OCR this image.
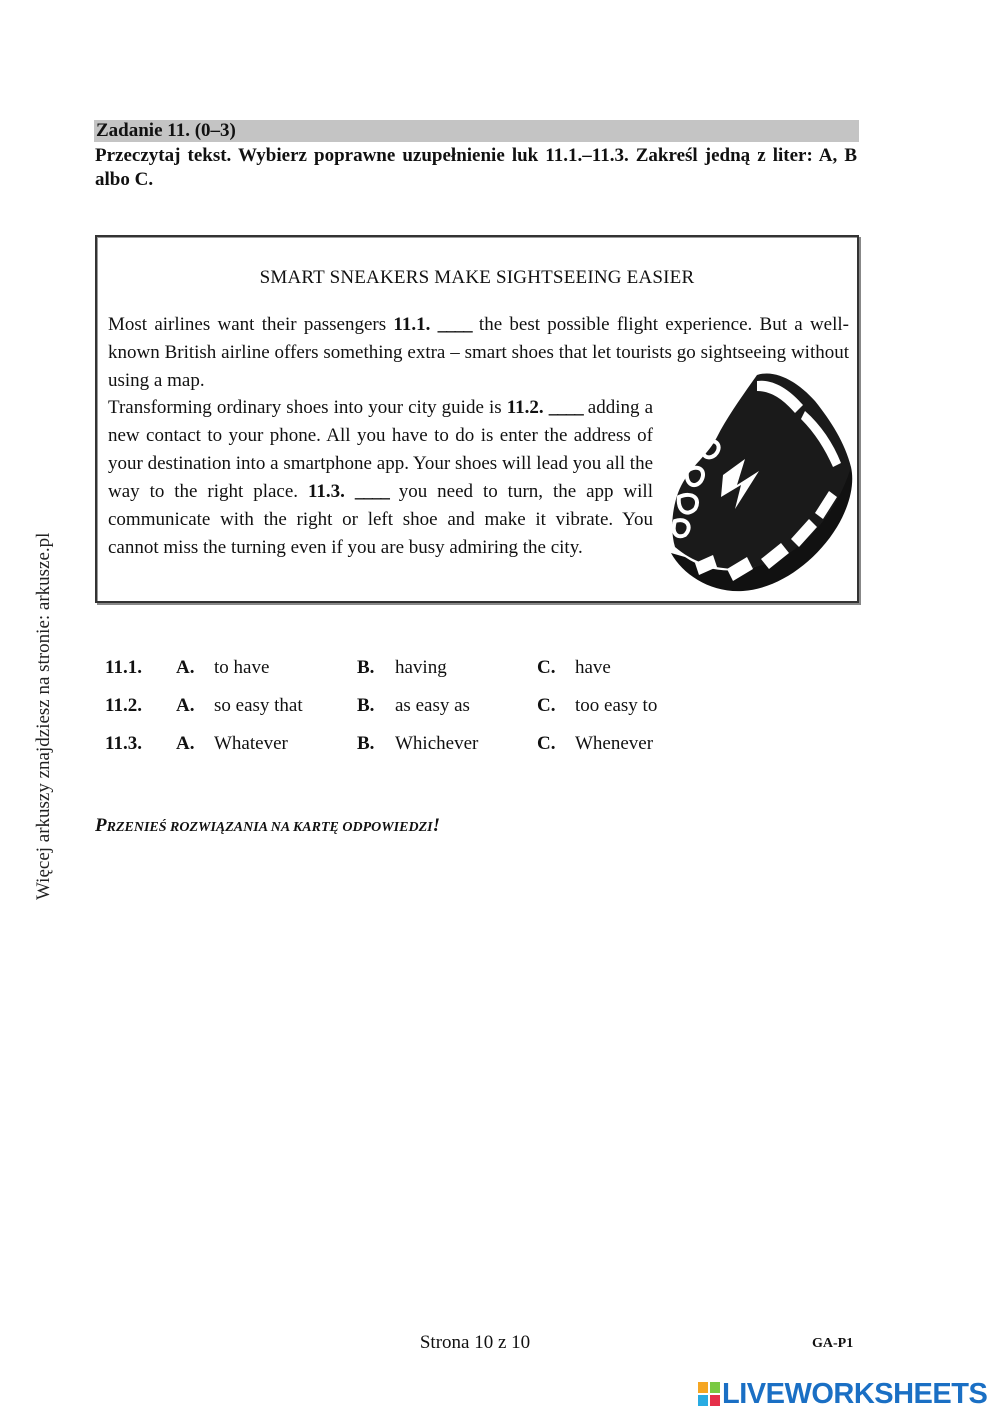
Więcej arkuszy znajdziesz na stronie: arkusze.pl
Zadanie 11. (0–3)
Przeczytaj tekst. Wybierz poprawne uzupełnienie luk 11.1.–11.3. Zakreśl jedną z liter: A, B albo C.
SMART SNEAKERS MAKE SIGHTSEEING EASIER
Most airlines want their passengers 11.1. ____ the best possible flight experience. But a well-known British airline offers something extra – smart shoes that let tourists go sightseeing without using a map.
Transforming ordinary shoes into your city guide is 11.2. ____ adding a new contact to your phone. All you have to do is enter the address of your destination into a smartphone app. Your shoes will lead you all the way to the right place. 11.3. ____ you need to turn, the app will communicate with the right or left shoe and make it vibrate. You cannot miss the turning even if you are busy admiring the city.
11.1. A. to have	B. having	C. have
11.2. A. so easy that	B. as easy as	C. too easy to
11.3. A. Whatever	B. Whichever	C. Whenever
PRZENIEŚ ROZWIĄZANIA NA KARTĘ ODPOWIEDZI!
Strona 10 z 10	GA-P1
LIVEWORKSHEETS
